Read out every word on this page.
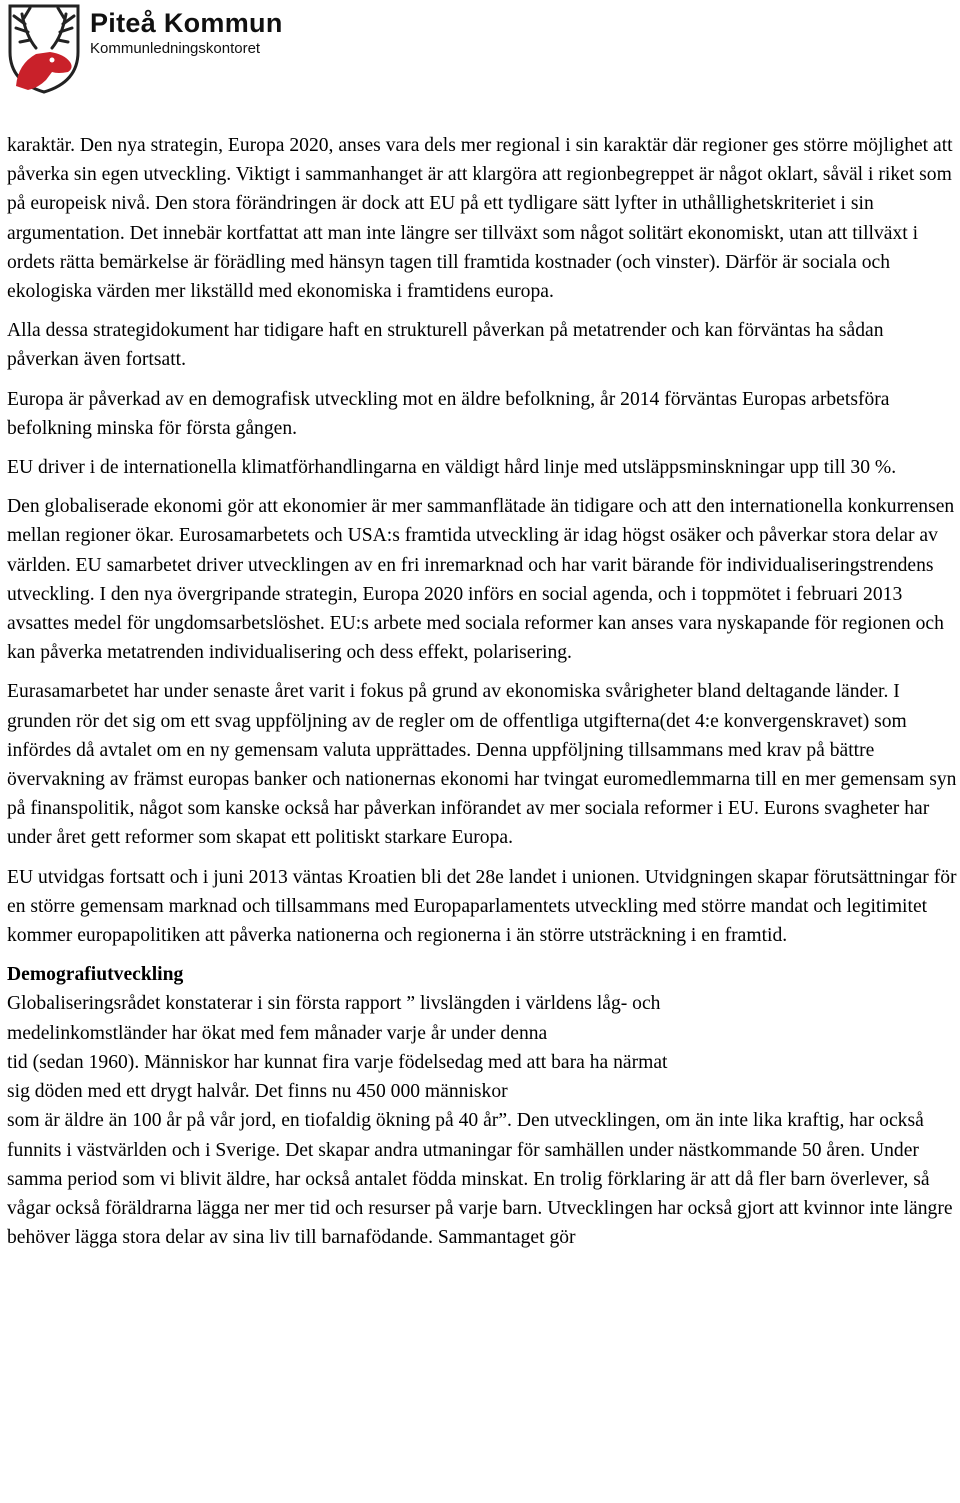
Piteå Kommun
Kommunledningskontoret

karaktär. Den nya strategin, Europa 2020, anses vara dels mer regional i sin karaktär där regioner ges större möjlighet att påverka sin egen utveckling. Viktigt i sammanhanget är att klargöra att regionbegreppet är något oklart, såväl i riket som på europeisk nivå. Den stora förändringen är dock att EU på ett tydligare sätt lyfter in uthållighetskriteriet i sin argumentation. Det innebär kortfattat att man inte längre ser tillväxt som något solitärt ekonomiskt, utan att tillväxt i ordets rätta bemärkelse är förädling med hänsyn tagen till framtida kostnader (och vinster). Därför är sociala och ekologiska värden mer likställd med ekonomiska i framtidens europa.

Alla dessa strategidokument har tidigare haft en strukturell påverkan på metatrender och kan förväntas ha sådan påverkan även fortsatt.

Europa är påverkad av en demografisk utveckling mot en äldre befolkning, år 2014 förväntas Europas arbetsföra befolkning minska för första gången.

EU driver i de internationella klimatförhandlingarna en väldigt hård linje med utsläppsminskningar upp till 30 %.

Den globaliserade ekonomi gör att ekonomier är mer sammanflätade än tidigare och att den internationella konkurrensen mellan regioner ökar. Eurosamarbetets och USA:s framtida utveckling är idag högst osäker och påverkar stora delar av världen. EU samarbetet driver utvecklingen av en fri inremarknad och har varit bärande för individualiseringstrendens utveckling. I den nya övergripande strategin, Europa 2020 införs en social agenda, och i toppmötet i februari 2013 avsattes medel för ungdomsarbetslöshet. EU:s arbete med sociala reformer kan anses vara nyskapande för regionen och kan påverka metatrenden individualisering och dess effekt, polarisering.

Eurasamarbetet har under senaste året varit i fokus på grund av ekonomiska svårigheter bland deltagande länder. I grunden rör det sig om ett svag uppföljning av de regler om de offentliga utgifterna(det 4:e konvergenskravet) som infördes då avtalet om en ny gemensam valuta upprättades. Denna uppföljning tillsammans med krav på bättre övervakning av främst europas banker och nationernas ekonomi har tvingat euromedlemmarna till en mer gemensam syn på finanspolitik, något som kanske också har påverkan införandet av mer sociala reformer i EU. Eurons svagheter har under året gett reformer som skapat ett politiskt starkare Europa.

EU utvidgas fortsatt och i juni 2013 väntas Kroatien bli det 28e landet i unionen. Utvidgningen skapar förutsättningar för en större gemensam marknad och tillsammans med Europaparlamentets utveckling med större mandat och legitimitet kommer europapolitiken att påverka nationerna och regionerna i än större utsträckning i en framtid.

Demografiutveckling
Globaliseringsrådet konstaterar i sin första rapport ” livslängden i världens låg- och
medelinkomstländer har ökat med fem månader varje år under denna
tid (sedan 1960). Människor har kunnat fira varje födelsedag med att bara ha närmat
sig döden med ett drygt halvår. Det finns nu 450 000 människor
som är äldre än 100 år på vår jord, en tiofaldig ökning på 40 år”. Den utvecklingen, om än inte lika kraftig, har också funnits i västvärlden och i Sverige. Det skapar andra utmaningar för samhällen under nästkommande 50 åren. Under samma period som vi blivit äldre, har också antalet födda minskat. En trolig förklaring är att då fler barn överlever, så vågar också föräldrarna lägga ner mer tid och resurser på varje barn. Utvecklingen har också gjort att kvinnor inte längre behöver lägga stora delar av sina liv till barnafödande. Sammantaget gör
